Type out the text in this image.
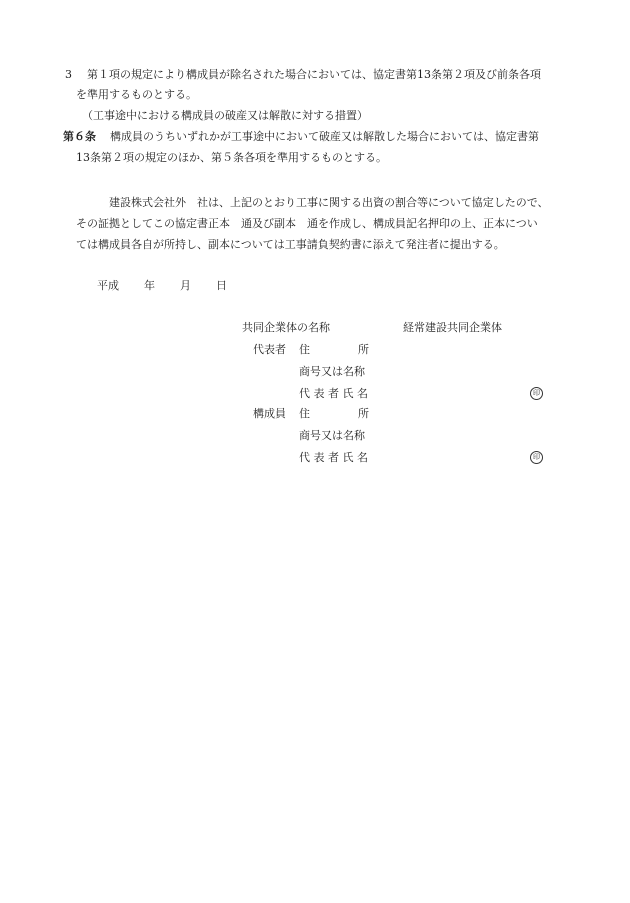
3 第１項の規定により構成員が除名された場合においては、協定書第13条第２項及び前条各項
を準用するものとする。
（工事途中における構成員の破産又は解散に対する措置）
第６条 構成員のうちいずれかが工事途中において破産又は解散した場合においては、協定書第
13条第２項の規定のほか、第５条各項を準用するものとする。
建設株式会社外　社は、上記のとおり工事に関する出資の割合等について協定したので、
その証拠としてこの協定書正本　通及び副本　通を作成し、構成員記名押印の上、正本につい
ては構成員各自が所持し、副本については工事請負契約書に添えて発注者に提出する。
平成 年 月 日
共同企業体の名称	経常建設共同企業体
代表者 住	所
商号又は名称
代 表 者 氏 名	印
構成員 住	所
商号又は名称
代 表 者 氏 名	印
